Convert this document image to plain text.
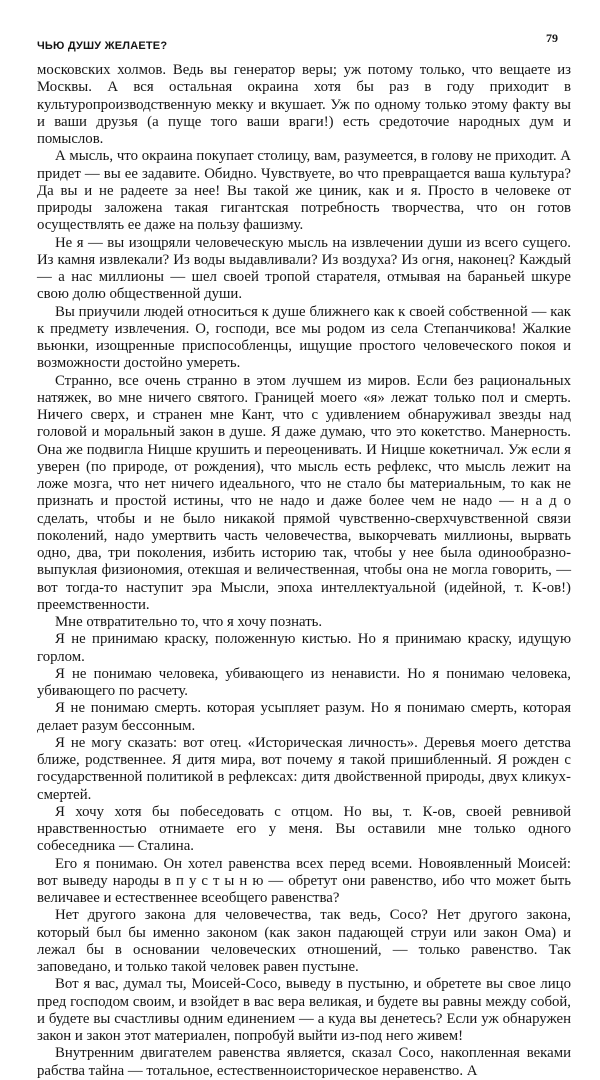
ЧЬЮ ДУШУ ЖЕЛАЕТЕ?
79

московских холмов. Ведь вы генератор веры; уж потому только, что вещаете из Москвы. А вся остальная окраина хотя бы раз в году приходит в культуропроизводственную мекку и вкушает. Уж по одному только этому факту вы и ваши друзья (а пуще того ваши враги!) есть средоточие народных дум и помыслов.

А мысль, что окраина покупает столицу, вам, разумеется, в голову не приходит. А придет — вы ее задавите. Обидно. Чувствуете, во что превращается ваша культура? Да вы и не радеете за нее! Вы такой же циник, как и я. Просто в человеке от природы заложена такая гигантская потребность творчества, что он готов осуществлять ее даже на пользу фашизму.

Не я — вы изощряли человеческую мысль на извлечении души из всего сущего. Из камня извлекали? Из воды выдавливали? Из воздуха? Из огня, наконец? Каждый — а нас миллионы — шел своей тропой старателя, отмывая на бараньей шкуре свою долю общественной души.

Вы приучили людей относиться к душе ближнего как к своей собственной — как к предмету извлечения. О, господи, все мы родом из села Степанчикова! Жалкие вьюнки, изощренные приспособленцы, ищущие простого человеческого покоя и возможности достойно умереть.

Странно, все очень странно в этом лучшем из миров. Если без рациональных натяжек, во мне ничего святого. Границей моего «я» лежат только пол и смерть. Ничего сверх, и странен мне Кант, что с удивлением обнаруживал звезды над головой и моральный закон в душе. Я даже думаю, что это кокетство. Манерность. Она же подвигла Ницше крушить и переоценивать. И Ницше кокетничал. Уж если я уверен (по природе, от рождения), что мысль есть рефлекс, что мысль лежит на ложе мозга, что нет ничего идеального, что не стало бы материальным, то как не признать и простой истины, что не надо и даже более чем не надо — н а д о сделать, чтобы и не было никакой прямой чувственно-сверхчувственной связи поколений, надо умертвить часть человечества, выкорчевать миллионы, вырвать одно, два, три поколения, избить историю так, чтобы у нее была одинообразно-выпуклая физиономия, отекшая и величественная, чтобы она не могла говорить, — вот тогда-то наступит эра Мысли, эпоха интеллектуальной (идейной, т. К-ов!) преемственности.

Мне отвратительно то, что я хочу познать.

Я не принимаю краску, положенную кистью. Но я принимаю краску, идущую горлом.

Я не понимаю человека, убивающего из ненависти. Но я понимаю человека, убивающего по расчету.

Я не понимаю смерть. которая усыпляет разум. Но я понимаю смерть, которая делает разум бессонным.

Я не могу сказать: вот отец. «Историческая личность». Деревья моего детства ближе, родственнее. Я дитя мира, вот почему я такой пришибленный. Я рожден с государственной политикой в рефлексах: дитя двойственной природы, двух кликух-смертей.

Я хочу хотя бы побеседовать с отцом. Но вы, т. К-ов, своей ревнивой нравственностью отнимаете его у меня. Вы оставили мне только одного собеседника — Сталина.

Его я понимаю. Он хотел равенства всех перед всеми. Новоявленный Моисей: вот выведу народы в п у с т ы н ю — обретут они равенство, ибо что может быть величавее и естественнее всеобщего равенства?

Нет другого закона для человечества, так ведь, Сосо? Нет другого закона, который был бы именно законом (как закон падающей струи или закон Ома) и лежал бы в основании человеческих отношений, — только равенство. Так заповедано, и только такой человек равен пустыне.

Вот я вас, думал ты, Моисей-Сосо, выведу в пустыню, и обретете вы свое лицо пред господом своим, и взойдет в вас вера великая, и будете вы равны между собой, и будете вы счастливы одним единением — а куда вы денетесь? Если уж обнаружен закон и закон этот материален, попробуй выйти из-под него живем!

Внутренним двигателем равенства является, сказал Сосо, накопленная веками рабства тайна — тотальное, естественноисторическое неравенство. А
